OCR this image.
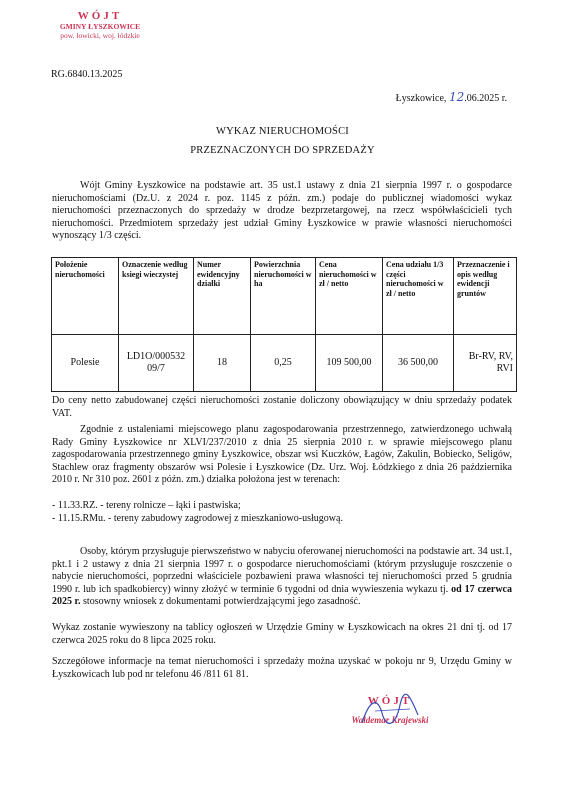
WÓJT
GMINY ŁYSZKOWICE
pow. łowicki, woj. łódzkie
RG.6840.13.2025
Łyszkowice, 12.06.2025 r.
WYKAZ NIERUCHOMOŚCI
PRZEZNACZONYCH DO SPRZEDAŻY

Wójt Gminy Łyszkowice na podstawie art. 35 ust.1 ustawy z dnia 21 sierpnia 1997 r. o gospodarce nieruchomościami (Dz.U. z 2024 r. poz. 1145 z późn. zm.) podaje do publicznej wiadomości wykaz nieruchomości przeznaczonych do sprzedaży w drodze bezprzetargowej, na rzecz współwłaścicieli tych nieruchomości. Przedmiotem sprzedaży jest udział Gminy Łyszkowice w prawie własności nieruchomości wynoszący 1/3 części.

Położenie nieruchomości	Oznaczenie według ksiegi wieczystej	Numer ewidencyjny działki	Powierzchnia nieruchomości w ha	Cena nieruchomości w zł / netto	Cena udziału 1/3 części nieruchomości w zł / netto	Przeznaczenie i opis według ewidencji gruntów
Polesie	LD1O/000532 09/7	18	0,25	109 500,00	36 500,00	Br-RV, RV, RVI

Do ceny netto zabudowanej części nieruchomości zostanie doliczony obowiązujący w dniu sprzedaży podatek VAT.

Zgodnie z ustaleniami miejscowego planu zagospodarowania przestrzennego, zatwierdzonego uchwałą Rady Gminy Łyszkowice nr XLVI/237/2010 z dnia 25 sierpnia 2010 r. w sprawie miejscowego planu zagospodarowania przestrzennego gminy Łyszkowice, obszar wsi Kuczków, Łagów, Zakulin, Bobiecko, Seligów, Stachlew oraz fragmenty obszarów wsi Polesie i Łyszkowice (Dz. Urz. Woj. Łódzkiego z dnia 26 października 2010 r. Nr 310 poz. 2601 z późn. zm.) działka położona jest w terenach:

- 11.33.RZ. - tereny rolnicze – łąki i pastwiska;
- 11.15.RMu. - tereny zabudowy zagrodowej z mieszkaniowo-usługową.

Osoby, którym przysługuje pierwszeństwo w nabyciu oferowanej nieruchomości na podstawie art. 34 ust.1, pkt.1 i 2 ustawy z dnia 21 sierpnia 1997 r. o gospodarce nieruchomościami (którym przysługuje roszczenie o nabycie nieruchomości, poprzedni właściciele pozbawieni prawa własności tej nieruchomości przed 5 grudnia 1990 r. lub ich spadkobiercy) winny złożyć w terminie 6 tygodni od dnia wywieszenia wykazu tj. od 17 czerwca 2025 r. stosowny wniosek z dokumentami potwierdzającymi jego zasadność.

Wykaz zostanie wywieszony na tablicy ogłoszeń w Urzędzie Gminy w Łyszkowicach na okres 21 dni tj. od 17 czerwca 2025 roku do 8 lipca 2025 roku.

Szczegółowe informacje na temat nieruchomości i sprzedaży można uzyskać w pokoju nr 9, Urzędu Gminy w Łyszkowicach lub pod nr telefonu 46 /811 61 81.

WÓJT
Waldemar Krajewski
